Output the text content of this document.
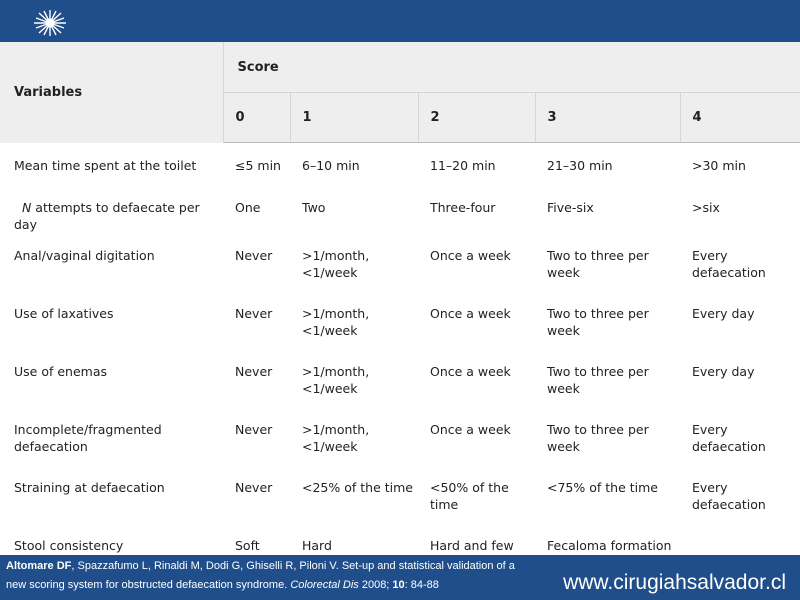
Variables	Score				
	0	1	2	3	4
Mean time spent at the toilet	≤5 min	6–10 min	11–20 min	21–30 min	>30 min
N attempts to defaecate per day	One	Two	Three-four	Five-six	>six
Anal/vaginal digitation	Never	>1/month, <1/week	Once a week	Two to three per week	Every defaecation
Use of laxatives	Never	>1/month, <1/week	Once a week	Two to three per week	Every day
Use of enemas	Never	>1/month, <1/week	Once a week	Two to three per week	Every day
Incomplete/fragmented defaecation	Never	>1/month, <1/week	Once a week	Two to three per week	Every defaecation
Straining at defaecation	Never	<25% of the time	<50% of the time	<75% of the time	Every defaecation
Stool consistency	Soft	Hard	Hard and few	Fecaloma formation	
Altomare DF, Spazzafumo L, Rinaldi M, Dodi G, Ghiselli R, Piloni V. Set-up and statistical validation of a new scoring system for obstructed defaecation syndrome. Colorectal Dis 2008; 10: 84-88	www.cirugiahsalvador.cl
